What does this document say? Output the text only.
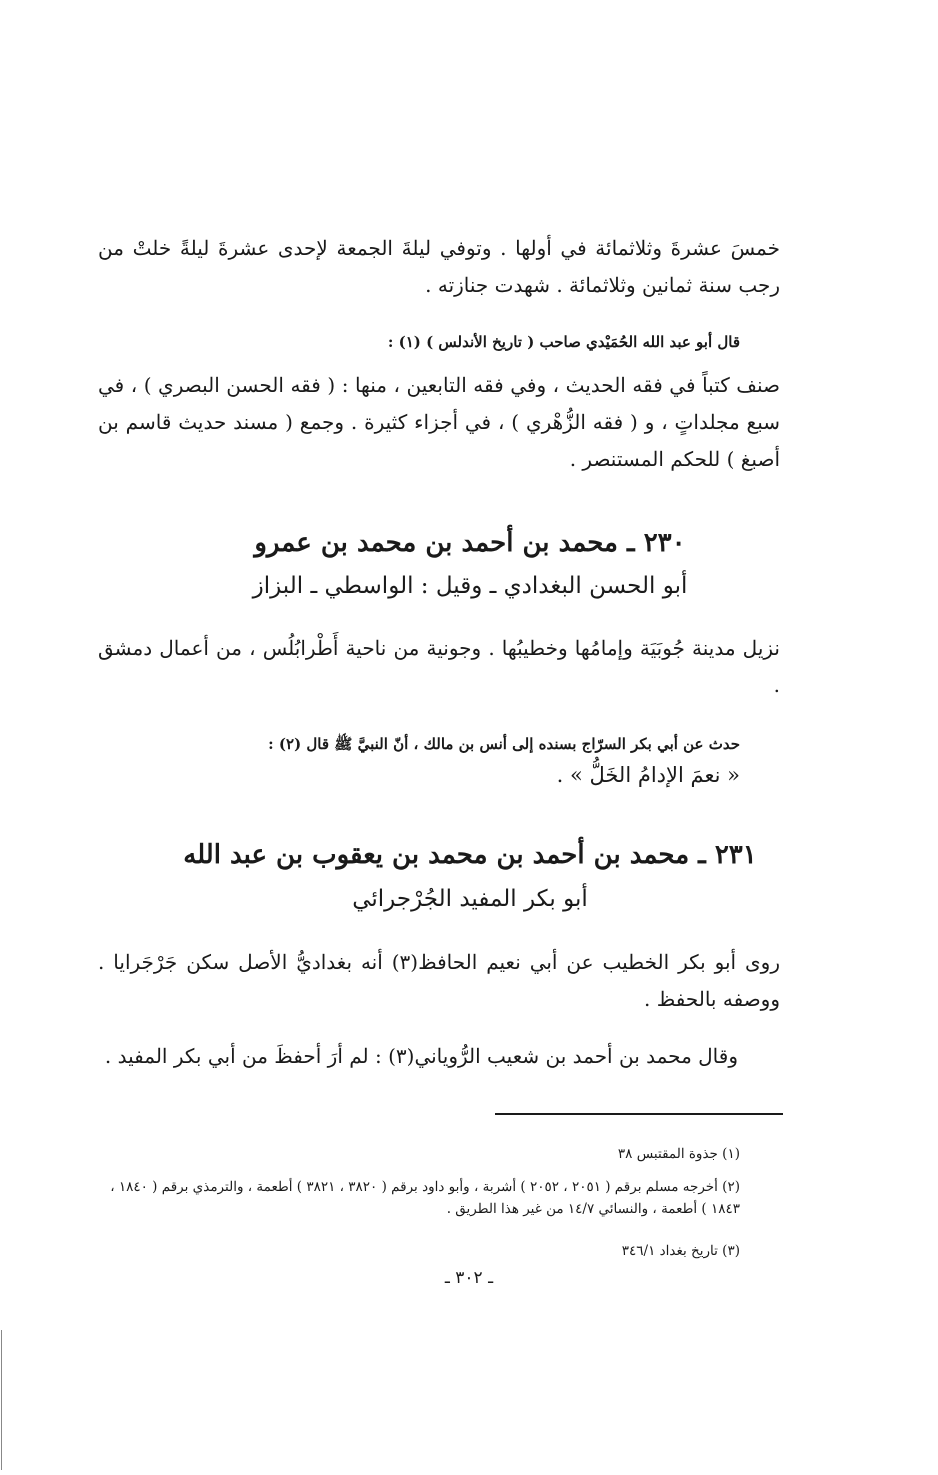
خمسَ عشرةَ وثلاثمائة في أولها . وتوفي ليلةَ الجمعة لإحدى عشرةَ ليلةً خلتْ من رجب سنة ثمانين وثلاثمائة . شهدت جنازته .

قال أبو عبد الله الحُمَيْدي صاحب ( تاريخ الأندلس ) (١) :

صنف كتباً في فقه الحديث ، وفي فقه التابعين ، منها : ( فقه الحسن البصري ) ، في سبع مجلداتٍ ، و ( فقه الزُّهْري ) ، في أجزاء كثيرة . وجمع ( مسند حديث قاسم بن أصبغ ) للحكم المستنصر .

٢٣٠ ـ محمد بن أحمد بن محمد بن عمرو
أبو الحسن البغدادي ـ وقيل : الواسطي ـ البزاز

نزيل مدينة جُوبَيَة وإمامُها وخطيبُها . وجونية من ناحية أَطْرابُلُس ، من أعمال دمشق .

حدث عن أبي بكر السرّاج بسنده إلى أنس بن مالك ، أنّ النبيَّ ﷺ قال (٢) :

« نعمَ الإدامُ الخَلُّ » .

٢٣١ ـ محمد بن أحمد بن محمد بن يعقوب بن عبد الله
أبو بكر المفيد الجُرْجرائي

روى أبو بكر الخطيب عن أبي نعيم الحافظ(٣) أنه بغداديُّ الأصل سكن جَرْجَرايا . ووصفه بالحفظ .

وقال محمد بن أحمد بن شعيب الرُّوياني(٣) : لم أرَ أحفظَ من أبي بكر المفيد .

(١) جذوة المقتبس ٣٨

(٢) أخرجه مسلم برقم ( ٢٠٥١ ، ٢٠٥٢ ) أشربة ، وأبو داود برقم ( ٣٨٢٠ ، ٣٨٢١ ) أطعمة ، والترمذي برقم ( ١٨٤٠ ، ١٨٤٣ ) أطعمة ، والنسائي ١٤/٧ من غير هذا الطريق .

(٣) تاريخ بغداد ٣٤٦/١

ـ ٣٠٢ ـ
